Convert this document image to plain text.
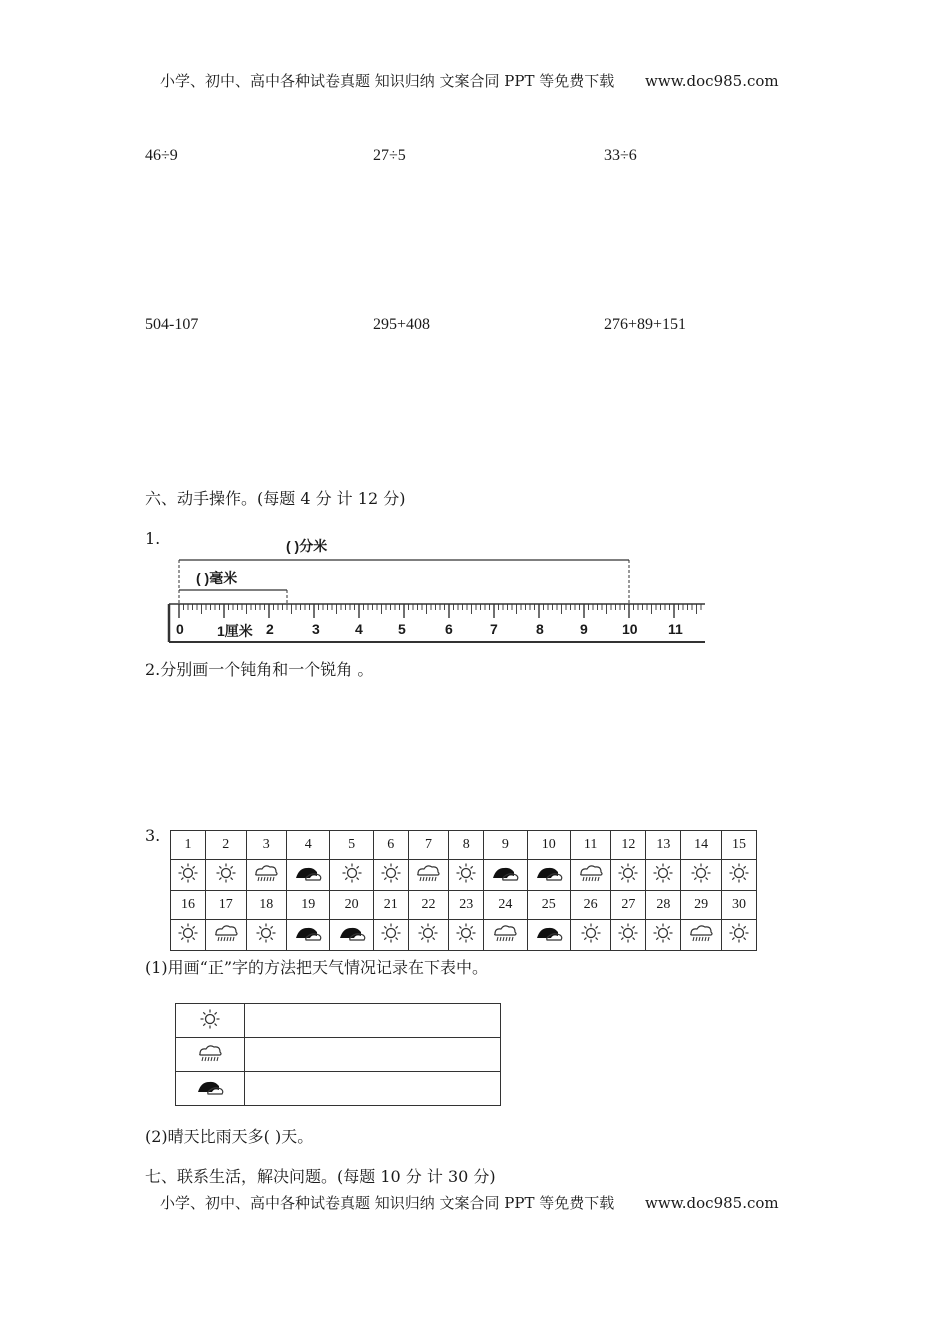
小学、初中、高中各种试卷真题 知识归纳 文案合同 PPT 等免费下载 www.doc985.com
46÷9	27÷5	33÷6
504-107	295+408	276+89+151
六、动手操作。(每题 4 分 计 12 分)
1.	( )分米
( )毫米
0 1厘米 2	3	4	5	6	7	8	9 10 11
2.分别画一个钝角和一个锐角 。
3. 1	2	3	4	5	6	7	8	9	10	11	12	13	14	15

16	17	18	19	20	21	22	23	24	25	26	27	28	29	30

(1)用画“正”字的方法把天气情况记录在下表中。

(2)晴天比雨天多( )天。
七、联系生活，解决问题。(每题 10 分 计 30 分)
小学、初中、高中各种试卷真题 知识归纳 文案合同 PPT 等免费下载 www.doc985.com
